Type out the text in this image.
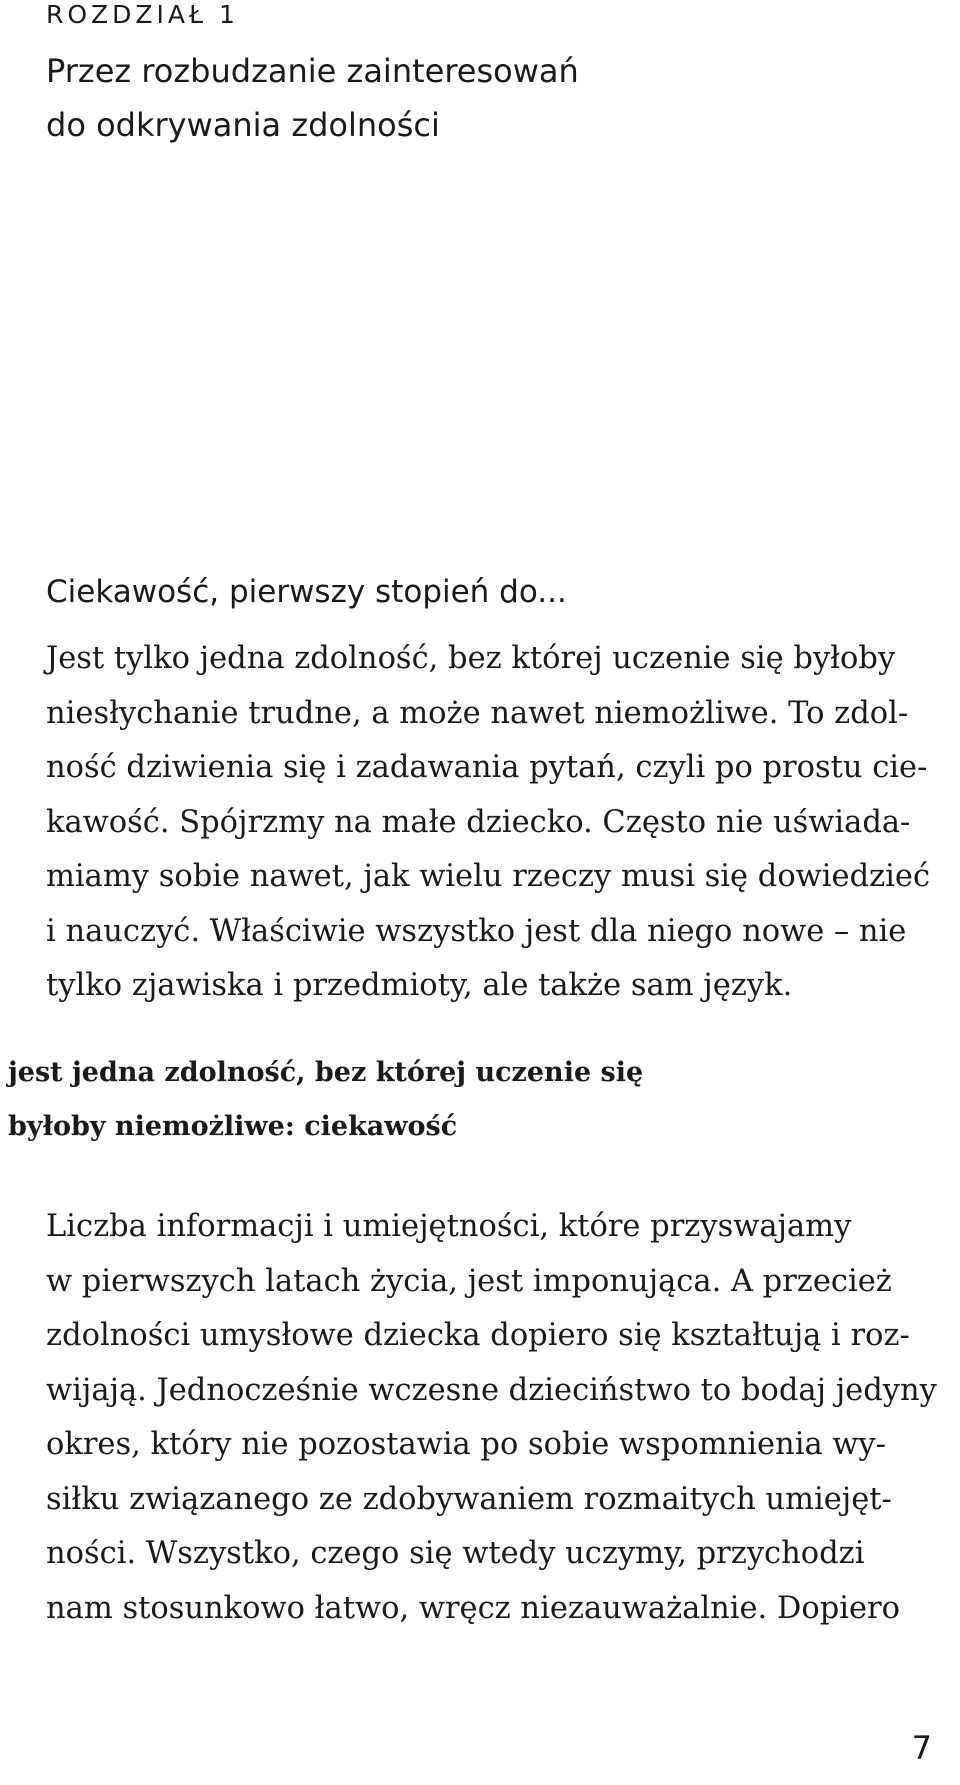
ROZDZIAŁ 1

Przez rozbudzanie zainteresowań
do odkrywania zdolności
Ciekawość, pierwszy stopień do...

Jest tylko jedna zdolność, bez której uczenie się byłoby
niesłychanie trudne, a może nawet niemożliwe. To zdol-
ność dziwienia się i zadawania pytań, czyli po prostu cie-
kawość. Spójrzmy na małe dziecko. Często nie uświada-
miamy sobie nawet, jak wielu rzeczy musi się dowiedzieć
i nauczyć. Właściwie wszystko jest dla niego nowe – nie
tylko zjawiska i przedmioty, ale także sam język.

jest jedna zdolność, bez której uczenie się
byłoby niemożliwe: ciekawość

Liczba informacji i umiejętności, które przyswajamy
w pierwszych latach życia, jest imponująca. A przecież
zdolności umysłowe dziecka dopiero się kształtują i roz-
wijają. Jednocześnie wczesne dzieciństwo to bodaj jedyny
okres, który nie pozostawia po sobie wspomnienia wy-
siłku związanego ze zdobywaniem rozmaitych umiejęt-
ności. Wszystko, czego się wtedy uczymy, przychodzi
nam stosunkowo łatwo, wręcz niezauważalnie. Dopiero

7
